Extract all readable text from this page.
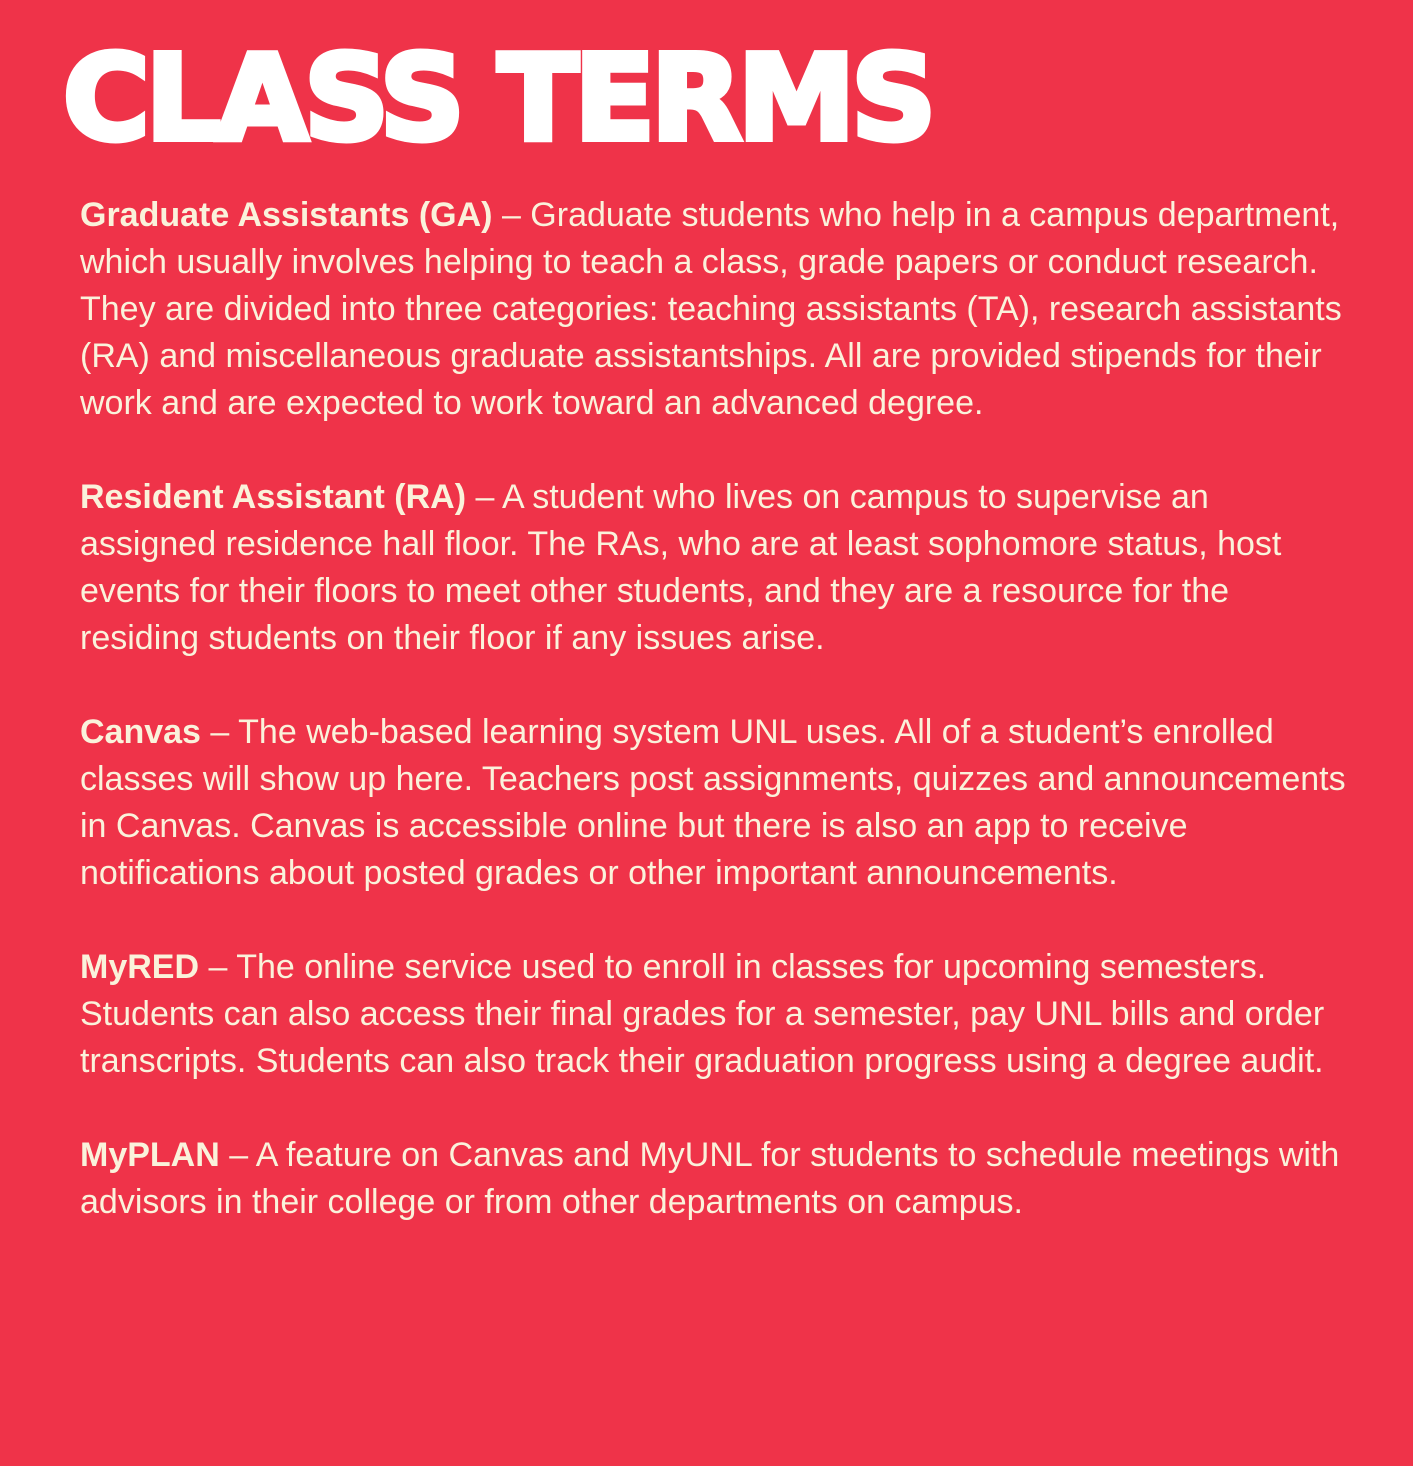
CLASS TERMS

Graduate Assistants (GA) – Graduate students who help in a campus department, which usually involves helping to teach a class, grade papers or conduct research. They are divided into three categories: teaching assistants (TA), research assistants (RA) and miscellaneous graduate assistantships. All are provided stipends for their work and are expected to work toward an advanced degree.

Resident Assistant (RA) – A student who lives on campus to supervise an assigned residence hall floor. The RAs, who are at least sophomore status, host events for their floors to meet other students, and they are a resource for the residing students on their floor if any issues arise.

Canvas – The web-based learning system UNL uses. All of a student’s enrolled classes will show up here. Teachers post assignments, quizzes and announcements in Canvas. Canvas is accessible online but there is also an app to receive notifications about posted grades or other important announcements.

MyRED – The online service used to enroll in classes for upcoming semesters. Students can also access their final grades for a semester, pay UNL bills and order transcripts. Students can also track their graduation progress using a degree audit.

MyPLAN – A feature on Canvas and MyUNL for students to schedule meetings with advisors in their college or from other departments on campus.
